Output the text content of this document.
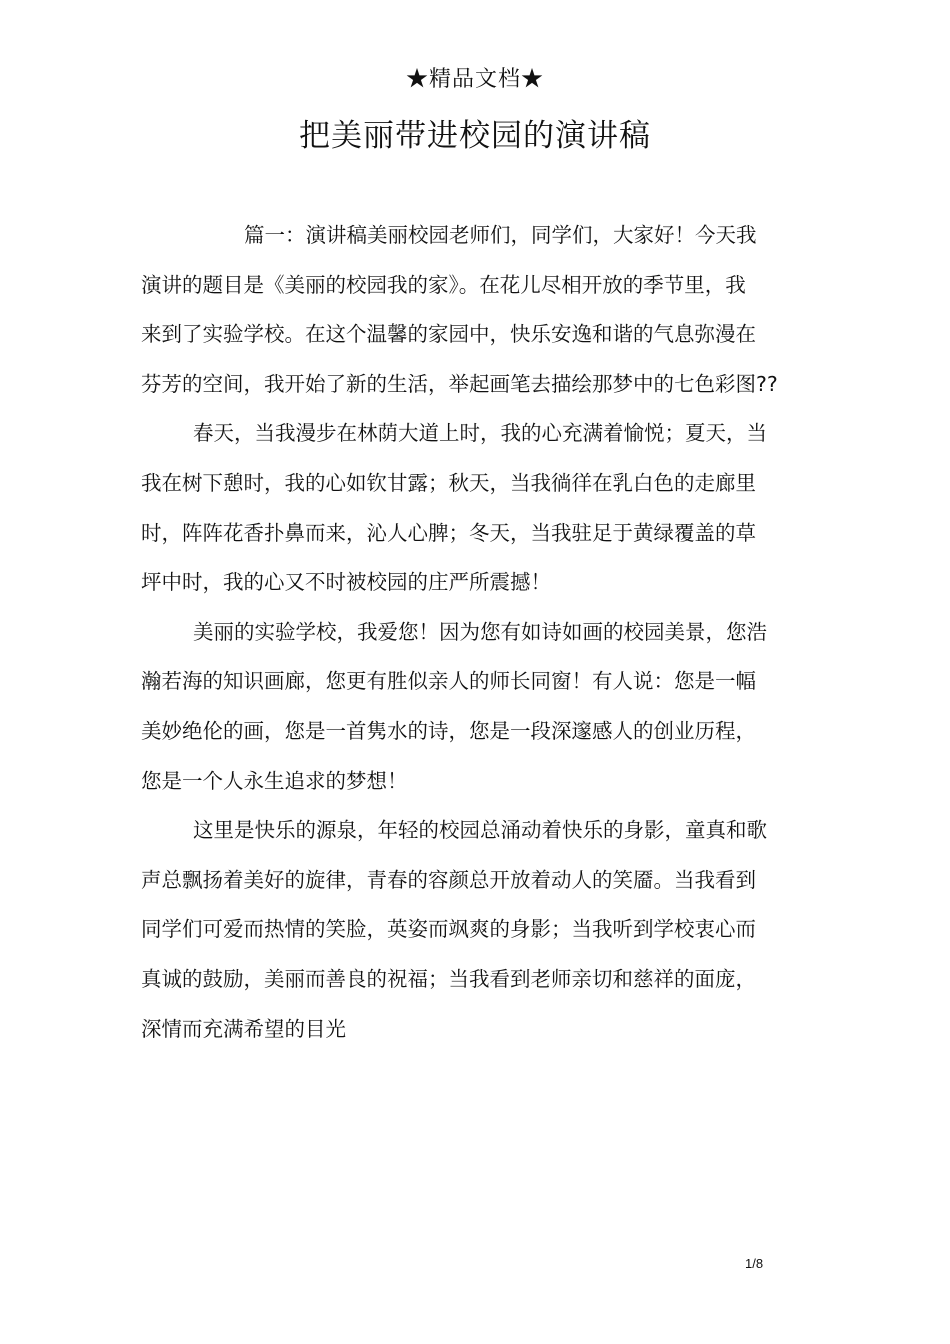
★精品文档★
把美丽带进校园的演讲稿
篇一：演讲稿美丽校园老师们，同学们，大家好！今天我
演讲的题目是《美丽的校园我的家》。在花儿尽相开放的季节里，我
来到了实验学校。在这个温馨的家园中，快乐安逸和谐的气息弥漫在
芬芳的空间，我开始了新的生活，举起画笔去描绘那梦中的七色彩图??
春天，当我漫步在林荫大道上时，我的心充满着愉悦；夏天，当
我在树下憩时，我的心如钦甘露；秋天，当我徜徉在乳白色的走廊里
时，阵阵花香扑鼻而来，沁人心脾；冬天，当我驻足于黄绿覆盖的草
坪中时，我的心又不时被校园的庄严所震撼！
美丽的实验学校，我爱您！因为您有如诗如画的校园美景，您浩
瀚若海的知识画廊，您更有胜似亲人的师长同窗！有人说：您是一幅
美妙绝伦的画，您是一首隽水的诗，您是一段深邃感人的创业历程，
您是一个人永生追求的梦想！
这里是快乐的源泉，年轻的校园总涌动着快乐的身影，童真和歌
声总飘扬着美好的旋律，青春的容颜总开放着动人的笑靥。当我看到
同学们可爱而热情的笑脸，英姿而飒爽的身影；当我听到学校衷心而
真诚的鼓励，美丽而善良的祝福；当我看到老师亲切和慈祥的面庞，
深情而充满希望的目光
1/8
